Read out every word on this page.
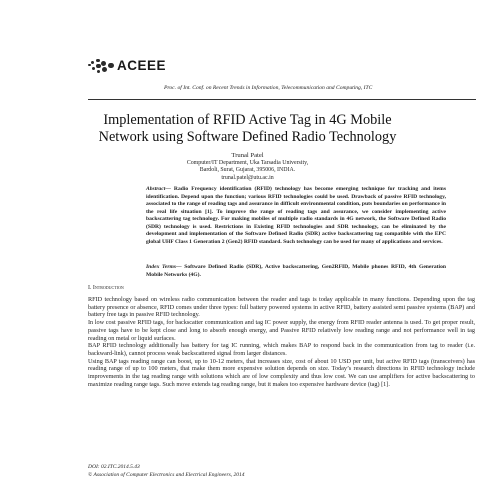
ACEEE
Proc. of Int. Conf. on Recent Trends in Information, Telecommunication and Computing, ITC
Implementation of RFID Active Tag in 4G Mobile
Network using Software Defined Radio Technology
Trunal Patel
Computer/IT Department, Uka Tarsadia University,
Bardoli, Surat, Gujarat, 395006, INDIA.
trunal.patel@utu.ac.in
Abstract— Radio Frequency identification (RFID) technology has become emerging technique for tracking and items identification. Depend upon the function; various RFID technologies could be used. Drawback of passive RFID technology, associated to the range of reading tags and assurance in difficult environmental condition, puts boundaries on performance in the real life situation [1]. To improve the range of reading tags and assurance, we consider implementing active backscattering tag technology. For making mobiles of multiple radio standards in 4G network, the Software Defined Radio (SDR) technology is used. Restrictions in Existing RFID technologies and SDR technology, can be eliminated by the development and implementation of the Software Defined Radio (SDR) active backscattering tag compatible with the EPC global UHF Class 1 Generation 2 (Gen2) RFID standard. Such technology can be used for many of applications and services.
Index Terms— Software Defined Radio (SDR), Active backscattering, Gen2RFID, Mobile phones RFID, 4th Generation Mobile Networks (4G).
I. Introduction

RFID technology based on wireless radio communication between the reader and tags is today applicable in many functions. Depending upon the tag battery presence or absence, RFID comes under three types: full battery powered systems in active RFID, battery assisted semi passive systems (BAP) and battery free tags in passive RFID technology.

In low cost passive RFID tags, for backscatter communication and tag IC power supply, the energy from RFID reader antenna is used. To get proper result, passive tags have to be kept close and long to absorb enough energy, and Passive RFID relatively low reading range and not performance well in tag reading on metal or liquid surfaces.

BAP RFID technology additionally has battery for tag IC running, which makes BAP to respond back in the communication from tag to reader (i.e. backward-link), cannot process weak backscattered signal from larger distances.

Using BAP tags reading range can boost, up to 10-12 meters, that increases size, cost of about 10 USD per unit, but active RFID tags (transceivers) has reading range of up to 100 meters, that make them more expensive solution depends on size. Today’s research directions in RFID technology include improvements in the tag reading range with solutions which are of low complexity and thus low cost. We can use amplifiers for active backscattering to maximize reading range tags. Such move extends tag reading range, but it makes too expensive hardware device (tag) [1].

DOI: 02.ITC.2014.5.43
© Association of Computer Electronics and Electrical Engineers, 2014
